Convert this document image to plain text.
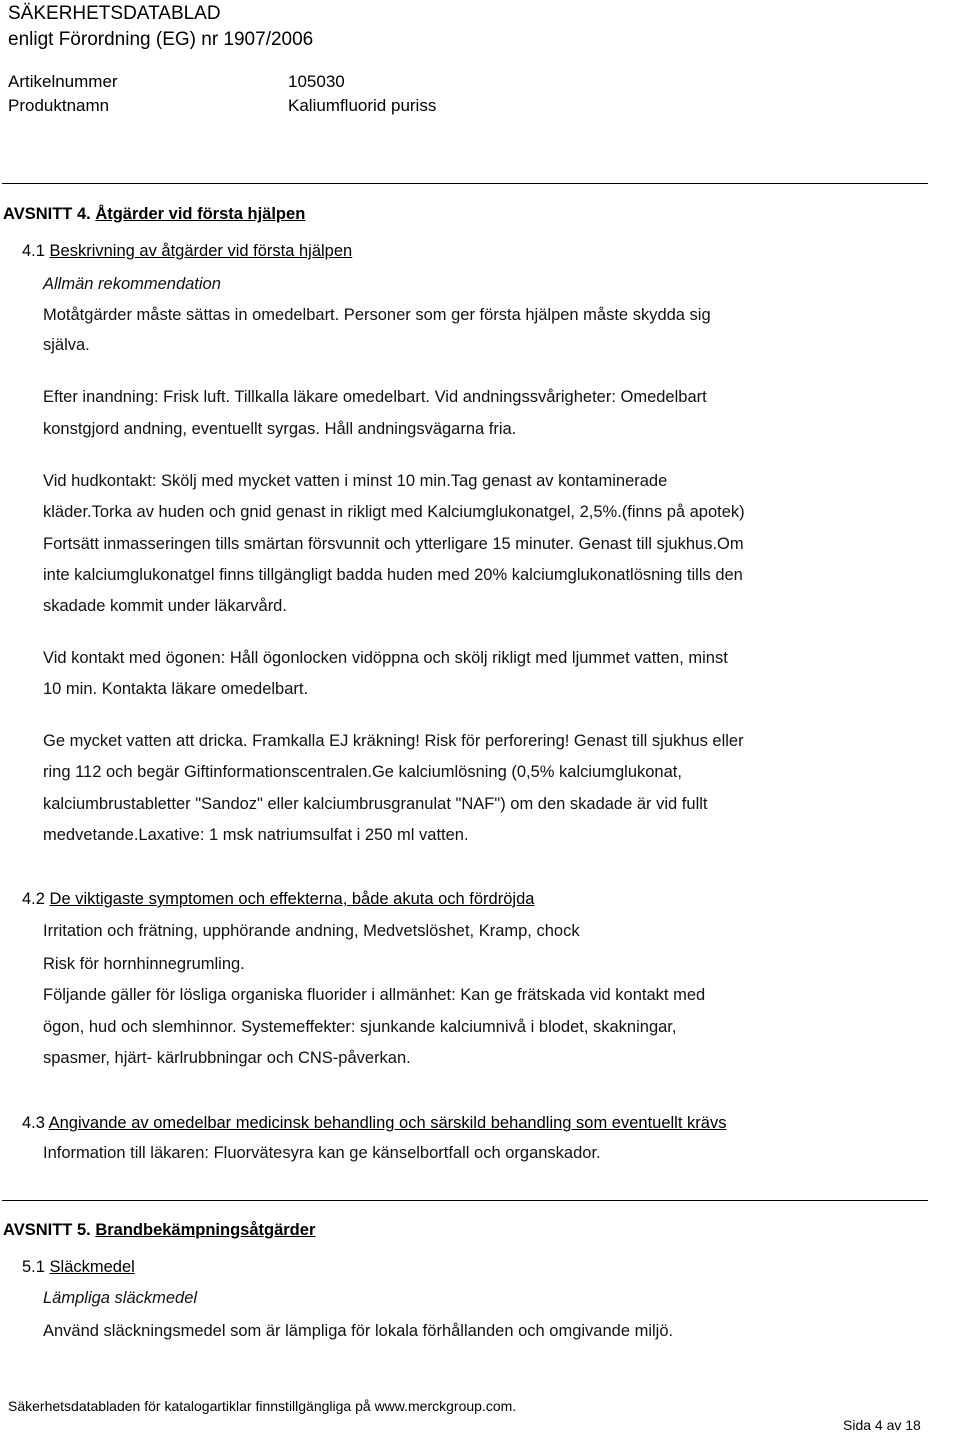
SÄKERHETSDATABLAD
enligt Förordning (EG) nr 1907/2006
Artikelnummer	105030
Produktnamn	Kaliumfluorid puriss
AVSNITT 4. Åtgärder vid första hjälpen
4.1 Beskrivning av åtgärder vid första hjälpen
Allmän rekommendation
Motåtgärder måste sättas in omedelbart. Personer som ger första hjälpen måste skydda sig
själva.
Efter inandning: Frisk luft. Tillkalla läkare omedelbart. Vid andningssvårigheter: Omedelbart
konstgjord andning, eventuellt syrgas. Håll andningsvägarna fria.
Vid hudkontakt: Skölj med mycket vatten i minst 10 min.Tag genast av kontaminerade
kläder.Torka av huden och gnid genast in rikligt med Kalciumglukonatgel, 2,5%.(finns på apotek)
Fortsätt inmasseringen tills smärtan försvunnit och ytterligare 15 minuter. Genast till sjukhus.Om
inte kalciumglukonatgel finns tillgängligt badda huden med 20% kalciumglukonatlösning tills den
skadade kommit under läkarvård.
Vid kontakt med ögonen: Håll ögonlocken vidöppna och skölj rikligt med ljummet vatten, minst
10 min. Kontakta läkare omedelbart.
Ge mycket vatten att dricka. Framkalla EJ kräkning! Risk för perforering! Genast till sjukhus eller
ring 112 och begär Giftinformationscentralen.Ge kalciumlösning (0,5% kalciumglukonat,
kalciumbrustabletter "Sandoz" eller kalciumbrusgranulat "NAF") om den skadade är vid fullt
medvetande.Laxative: 1 msk natriumsulfat i 250 ml vatten.
4.2 De viktigaste symptomen och effekterna, både akuta och fördröjda
Irritation och frätning, upphörande andning, Medvetslöshet, Kramp, chock
Risk för hornhinnegrumling.
Följande gäller för lösliga organiska fluorider i allmänhet: Kan ge frätskada vid kontakt med
ögon, hud och slemhinnor. Systemeffekter: sjunkande kalciumnivå i blodet, skakningar,
spasmer, hjärt- kärlrubbningar och CNS-påverkan.
4.3 Angivande av omedelbar medicinsk behandling och särskild behandling som eventuellt krävs
Information till läkaren: Fluorvätesyra kan ge känselbortfall och organskador.
AVSNITT 5. Brandbekämpningsåtgärder
5.1 Släckmedel
Lämpliga släckmedel
Använd släckningsmedel som är lämpliga för lokala förhållanden och omgivande miljö.
Säkerhetsdatabladen för katalogartiklar finnstillgängliga på www.merckgroup.com.
Sida 4 av 18
